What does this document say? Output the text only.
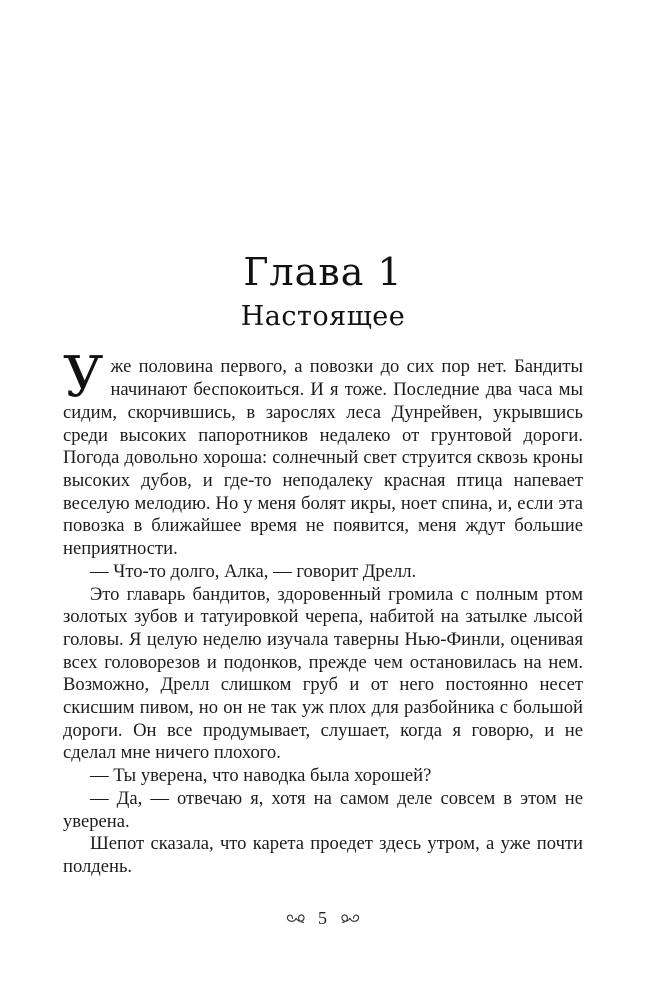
Глава 1
Настоящее

Уже половина первого, а повозки до сих пор нет. Бандиты начинают беспокоиться. И я тоже. Последние два часа мы сидим, скорчившись, в зарослях леса Дунрейвен, укрывшись среди высоких папоротников недалеко от грунтовой дороги. Погода довольно хороша: солнечный свет струится сквозь кроны высоких дубов, и где-то неподалеку красная птица напевает веселую мелодию. Но у меня болят икры, ноет спина, и, если эта повозка в ближайшее время не появится, меня ждут большие неприятности.

— Что-то долго, Алка, — говорит Дрелл.

Это главарь бандитов, здоровенный громила с полным ртом золотых зубов и татуировкой черепа, набитой на затылке лысой головы. Я целую неделю изучала таверны Нью-Финли, оценивая всех головорезов и подонков, прежде чем остановилась на нем. Возможно, Дрелл слишком груб и от него постоянно несет скисшим пивом, но он не так уж плох для разбойника с большой дороги. Он все продумывает, слушает, когда я говорю, и не сделал мне ничего плохого.

— Ты уверена, что наводка была хорошей?

— Да, — отвечаю я, хотя на самом деле совсем в этом не уверена.

Шепот сказала, что карета проедет здесь утром, а уже почти полдень.

5
